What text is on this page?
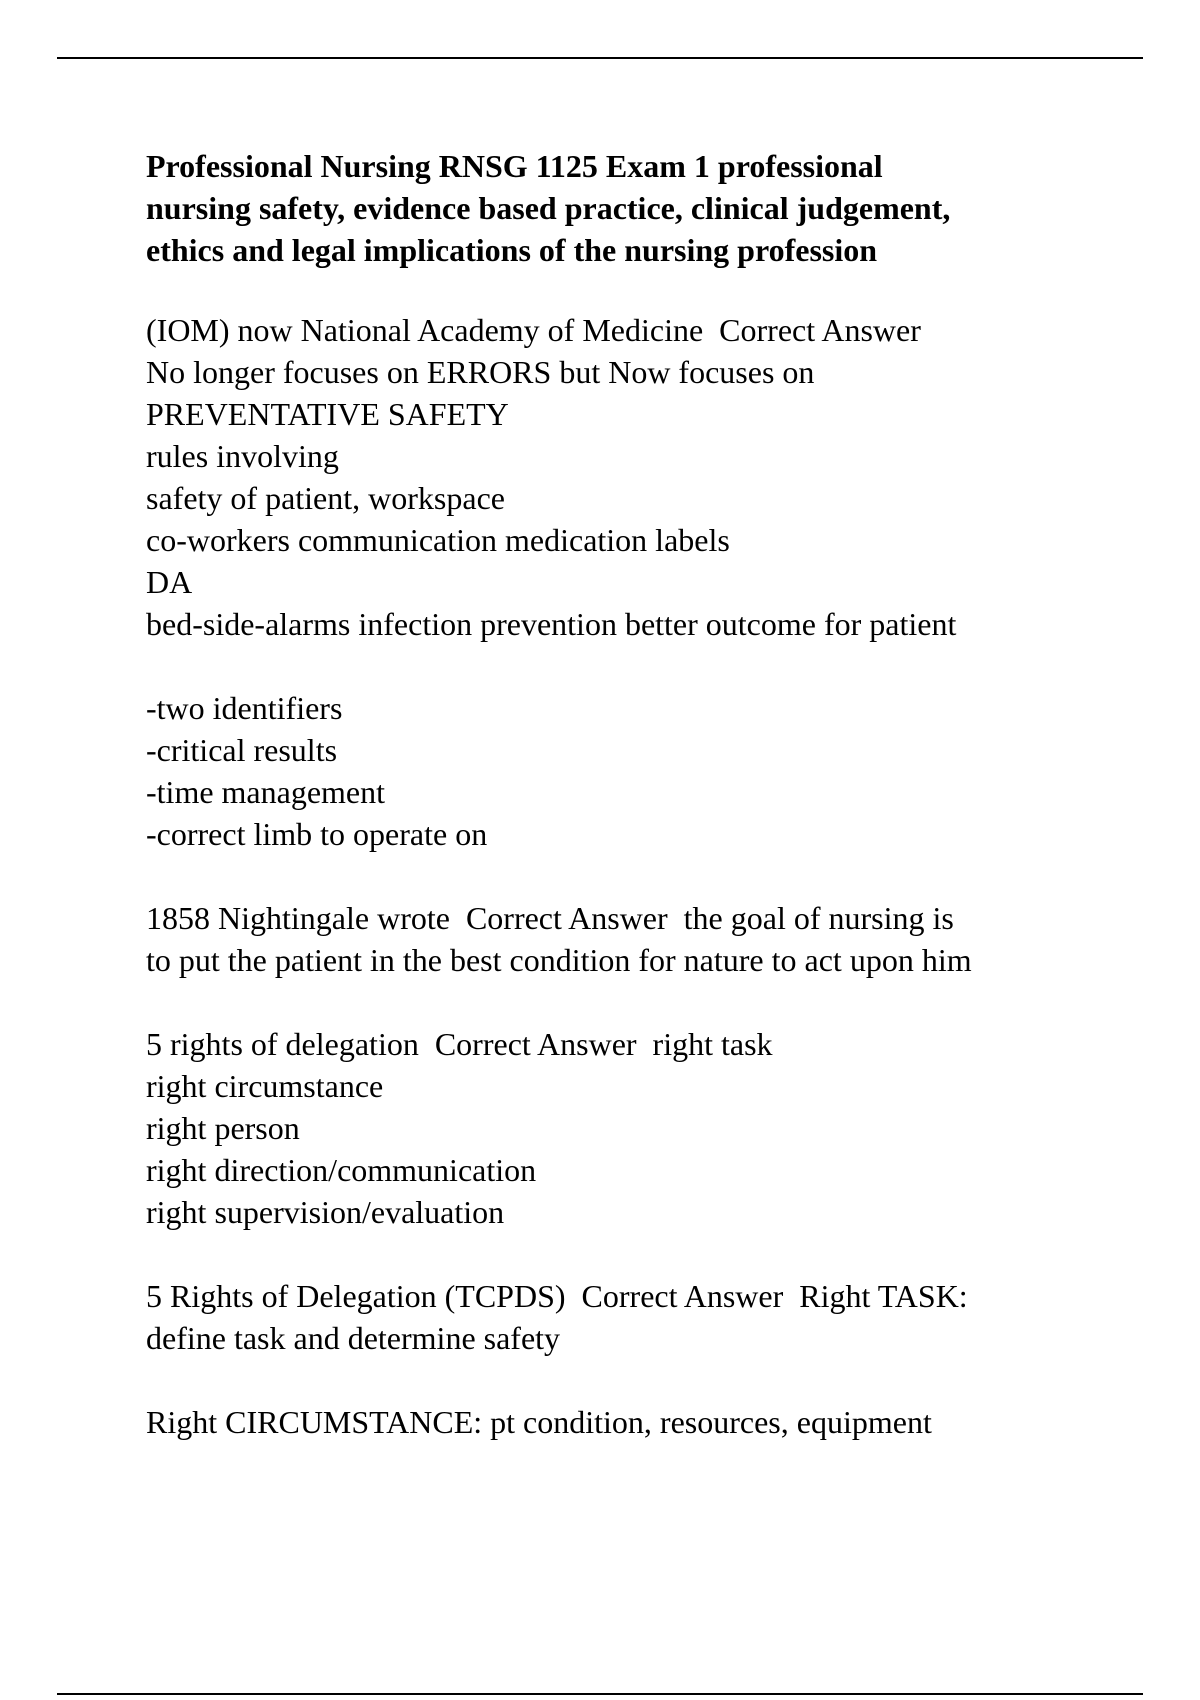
Professional Nursing RNSG 1125 Exam 1 professional
nursing safety, evidence based practice, clinical judgement,
ethics and legal implications of the nursing profession
(IOM) now National Academy of Medicine  Correct Answer
No longer focuses on ERRORS but Now focuses on
PREVENTATIVE SAFETY
rules involving
safety of patient, workspace
co-workers communication medication labels
DA
bed-side-alarms infection prevention better outcome for patient
-two identifiers
-critical results
-time management
-correct limb to operate on
1858 Nightingale wrote  Correct Answer  the goal of nursing is
to put the patient in the best condition for nature to act upon him
5 rights of delegation  Correct Answer  right task
right circumstance
right person
right direction/communication
right supervision/evaluation
5 Rights of Delegation (TCPDS)  Correct Answer  Right TASK:
define task and determine safety
Right CIRCUMSTANCE: pt condition, resources, equipment
